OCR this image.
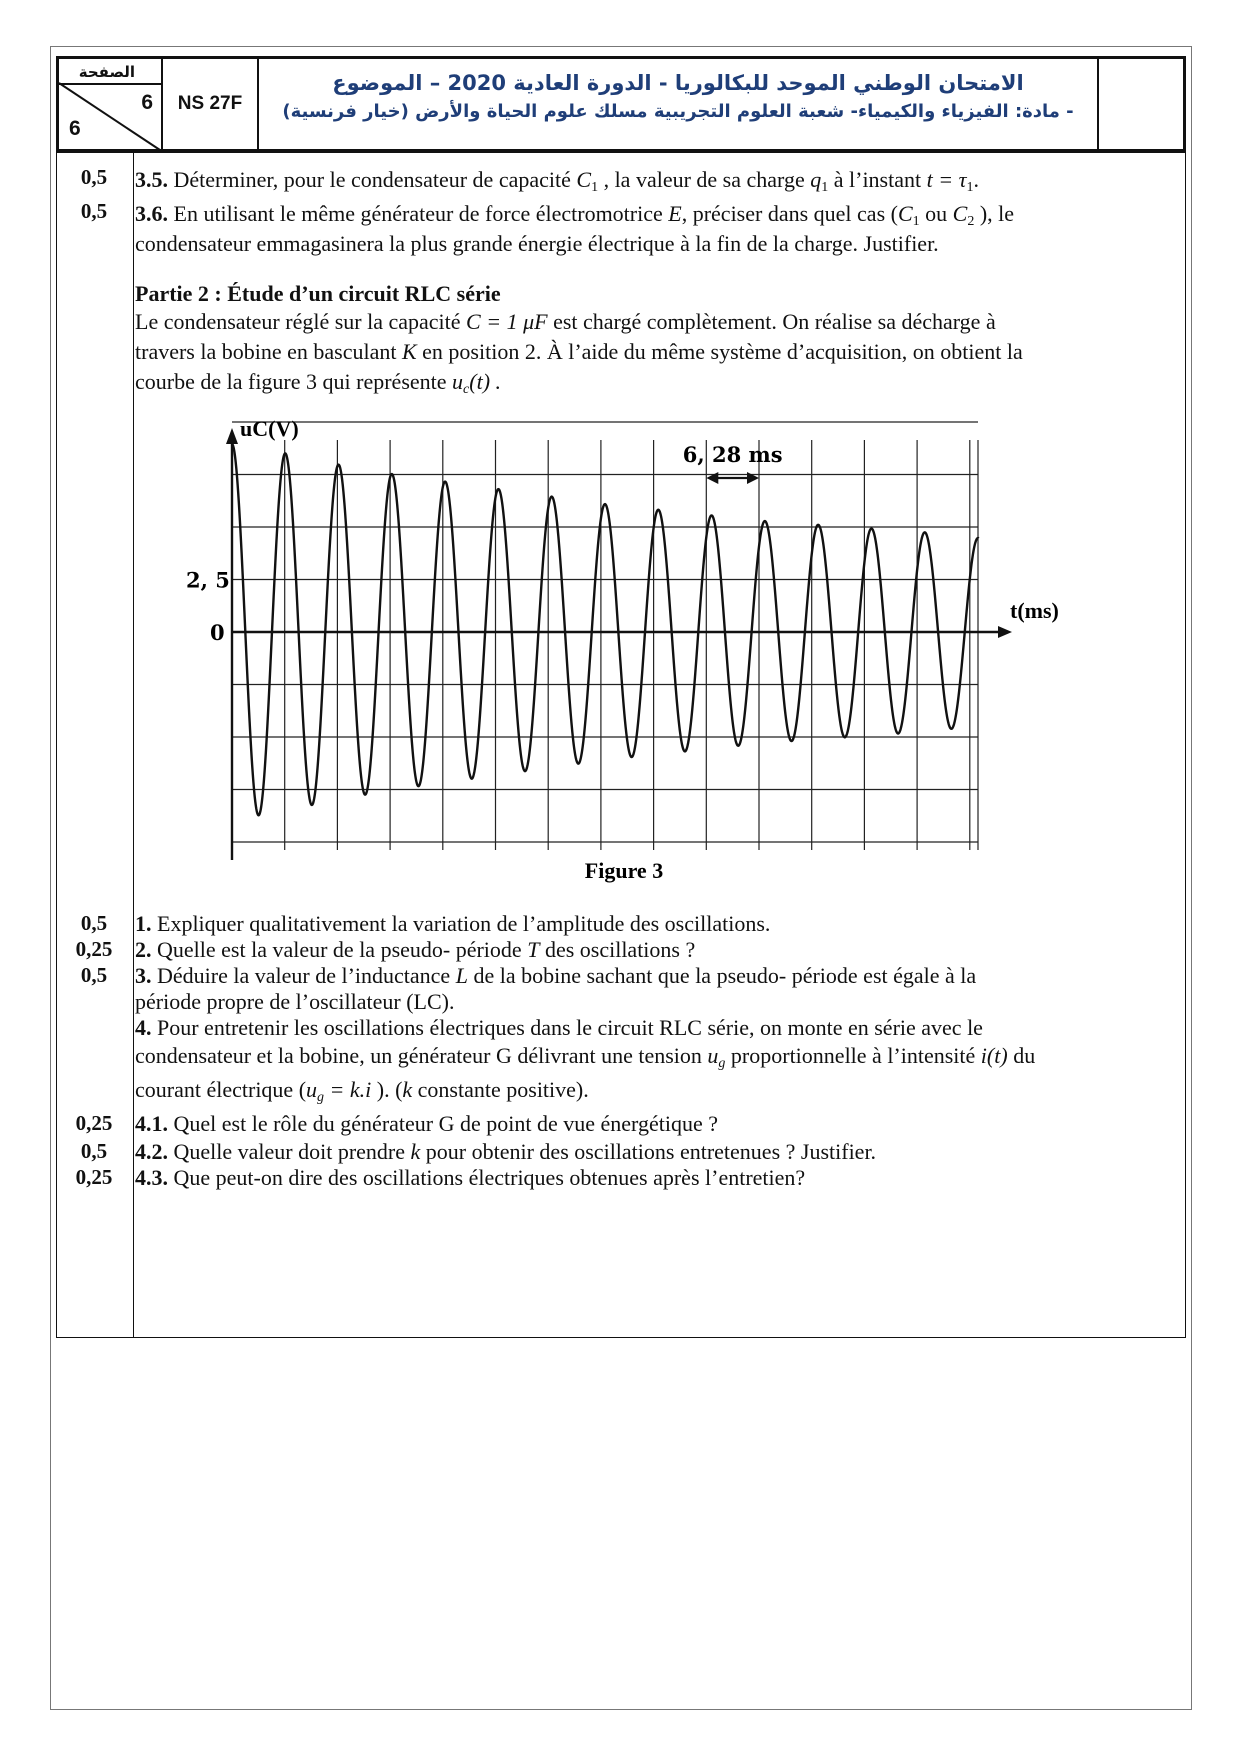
الصفحة
6
6
NS 27F
الامتحان الوطني الموحد للبكالوريا - الدورة العادية 2020 – الموضوع
- مادة: الفيزياء والكيمياء- شعبة العلوم التجريبية مسلك علوم الحياة والأرض (خيار فرنسية)
0,5	3.5. Déterminer, pour le condensateur de capacité $C_1$ , la valeur de sa charge $q_1$ à l’instant $t = \tau_1$.
0,5	3.6. En utilisant le même générateur de force électromotrice E, préciser dans quel cas ($C_1$ ou $C_2$ ), le
condensateur emmagasinera la plus grande énergie électrique à la fin de la charge. Justifier.
Partie 2 : Étude d’un circuit RLC série
Le condensateur réglé sur la capacité C = 1 μF est chargé complètement. On réalise sa décharge à
travers la bobine en basculant K en position 2. À l’aide du même système d’acquisition, on obtient la
courbe de la figure 3 qui représente $u_c(t)$ .
0,5	1. Expliquer qualitativement la variation de l’amplitude des oscillations.
0,25	2. Quelle est la valeur de la pseudo- période T des oscillations ?
0,5	3. Déduire la valeur de l’inductance L de la bobine sachant que la pseudo- période est égale à la
période propre de l’oscillateur (LC).
4. Pour entretenir les oscillations électriques dans le circuit RLC série, on monte en série avec le
condensateur et la bobine, un générateur G délivrant une tension $u_g$ proportionnelle à l’intensité i(t) du
courant électrique ($u_g = k.i$ ). (k constante positive).
0,25	4.1. Quel est le rôle du générateur G de point de vue énergétique ?
0,5	4.2. Quelle valeur doit prendre k pour obtenir des oscillations entretenues ? Justifier.
0,25	4.3. Que peut-on dire des oscillations électriques obtenues après l’entretien?
uC(V)
t(ms)
0
2, 5
6, 28 ms
Figure 3
